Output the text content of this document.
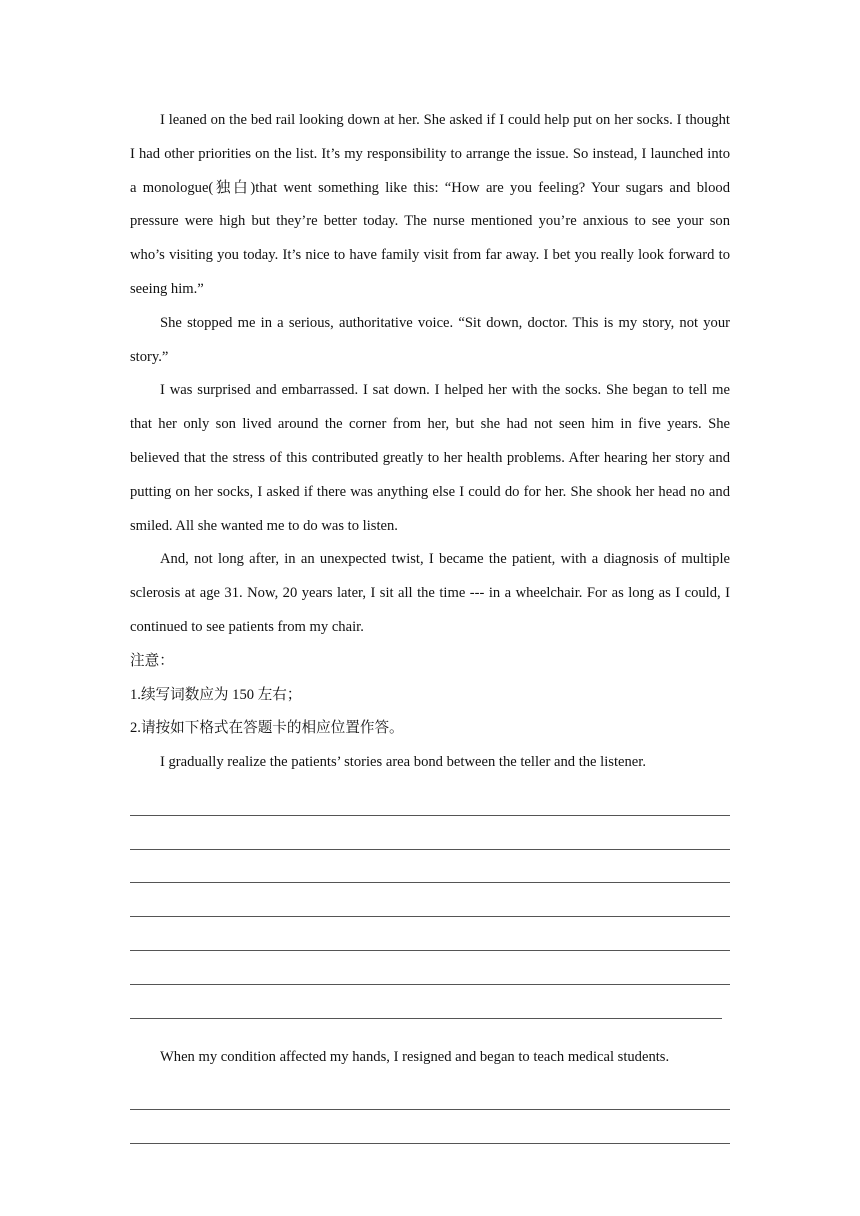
I leaned on the bed rail looking down at her. She asked if I could help put on her socks. I thought I had other priorities on the list. It’s my responsibility to arrange the issue. So instead, I launched into a monologue(独白)that went something like this: “How are you feeling? Your sugars and blood pressure were high but they’re better today. The nurse mentioned you’re anxious to see your son who’s visiting you today. It’s nice to have family visit from far away. I bet you really look forward to seeing him.”

She stopped me in a serious, authoritative voice. “Sit down, doctor. This is my story, not your story.”

I was surprised and embarrassed. I sat down. I helped her with the socks. She began to tell me that her only son lived around the corner from her, but she had not seen him in five years. She believed that the stress of this contributed greatly to her health problems. After hearing her story and putting on her socks, I asked if there was anything else I could do for her. She shook her head no and smiled. All she wanted me to do was to listen.

And, not long after, in an unexpected twist, I became the patient, with a diagnosis of multiple sclerosis at age 31. Now, 20 years later, I sit all the time --- in a wheelchair. For as long as I could, I continued to see patients from my chair.

注意：

1.续写词数应为 150 左右；

2.请按如下格式在答题卡的相应位置作答。

I gradually realize the patients’ stories area bond between the teller and the listener.

When my condition affected my hands, I resigned and began to teach medical students.
